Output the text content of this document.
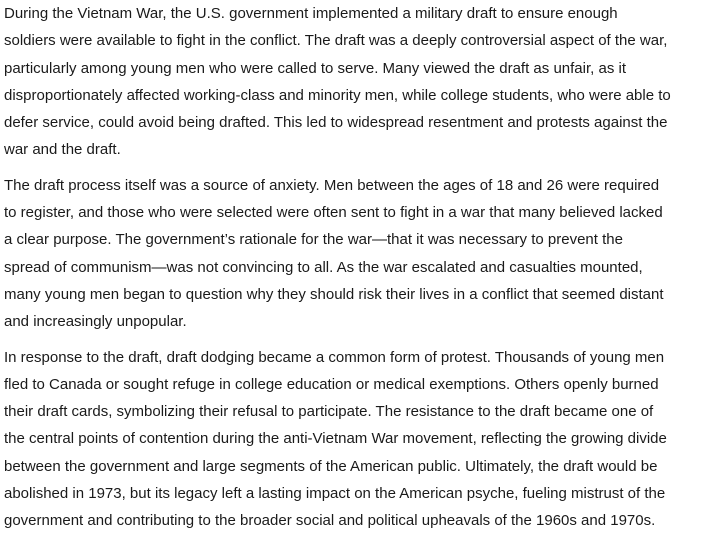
During the Vietnam War, the U.S. government implemented a military draft to ensure enough
soldiers were available to fight in the conflict. The draft was a deeply controversial aspect of the war,
particularly among young men who were called to serve. Many viewed the draft as unfair, as it
disproportionately affected working-class and minority men, while college students, who were able to
defer service, could avoid being drafted. This led to widespread resentment and protests against the
war and the draft.

The draft process itself was a source of anxiety. Men between the ages of 18 and 26 were required
to register, and those who were selected were often sent to fight in a war that many believed lacked
a clear purpose. The government’s rationale for the war—that it was necessary to prevent the
spread of communism—was not convincing to all. As the war escalated and casualties mounted,
many young men began to question why they should risk their lives in a conflict that seemed distant
and increasingly unpopular.

In response to the draft, draft dodging became a common form of protest. Thousands of young men
fled to Canada or sought refuge in college education or medical exemptions. Others openly burned
their draft cards, symbolizing their refusal to participate. The resistance to the draft became one of
the central points of contention during the anti-Vietnam War movement, reflecting the growing divide
between the government and large segments of the American public. Ultimately, the draft would be
abolished in 1973, but its legacy left a lasting impact on the American psyche, fueling mistrust of the
government and contributing to the broader social and political upheavals of the 1960s and 1970s.
